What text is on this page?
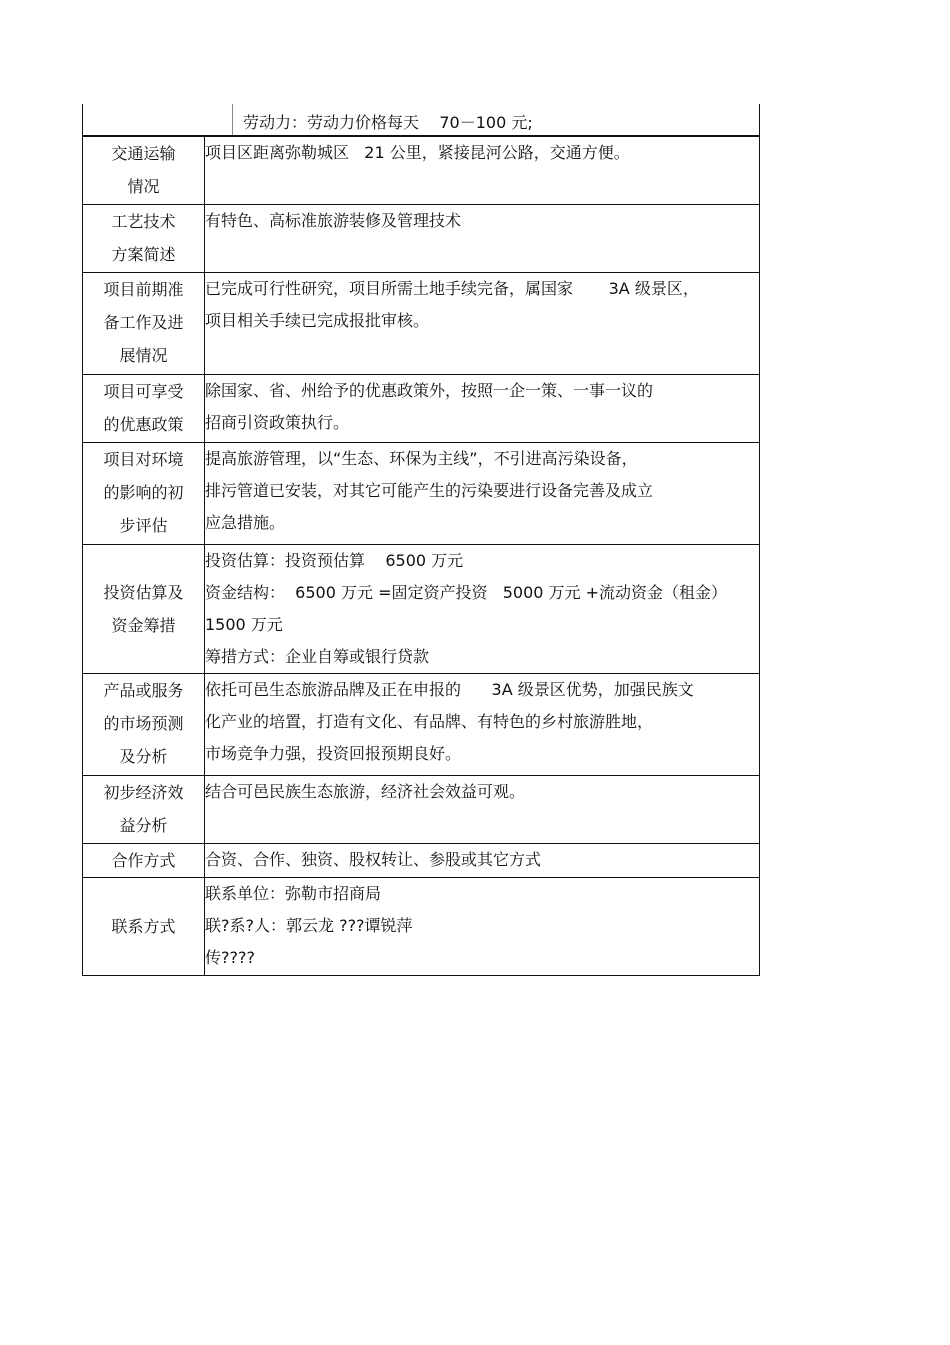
劳动力：劳动力价格每天    70－100 元;
交通运输
情况	项目区距离弥勒城区   21 公里，紧接昆河公路，交通方便。

工艺技术
方案简述	有特色、高标准旅游装修及管理技术

项目前期准
备工作及进
展情况	已完成可行性研究，项目所需土地手续完备，属国家       3A 级景区，
项目相关手续已完成报批审核。

项目可享受
的优惠政策	除国家、省、州给予的优惠政策外，按照一企一策、一事一议的
招商引资政策执行。

项目对环境
的影响的初
步评估	提高旅游管理，以“生态、环保为主线”，不引进高污染设备，
排污管道已安装，对其它可能产生的污染要进行设备完善及成立
应急措施。

投资估算及
资金筹措	投资估算：投资预估算    6500 万元
资金结构：  6500 万元 =固定资产投资   5000 万元 +流动资金（租金）
1500 万元
筹措方式：企业自筹或银行贷款

产品或服务
的市场预测
及分析	依托可邑生态旅游品牌及正在申报的      3A 级景区优势，加强民族文
化产业的培置，打造有文化、有品牌、有特色的乡村旅游胜地，
市场竞争力强，投资回报预期良好。

初步经济效
益分析	结合可邑民族生态旅游，经济社会效益可观。

合作方式	合资、合作、独资、股权转让、参股或其它方式

联系方式	联系单位：弥勒市招商局
联?系?人：郭云龙 ???谭锐萍
传????
